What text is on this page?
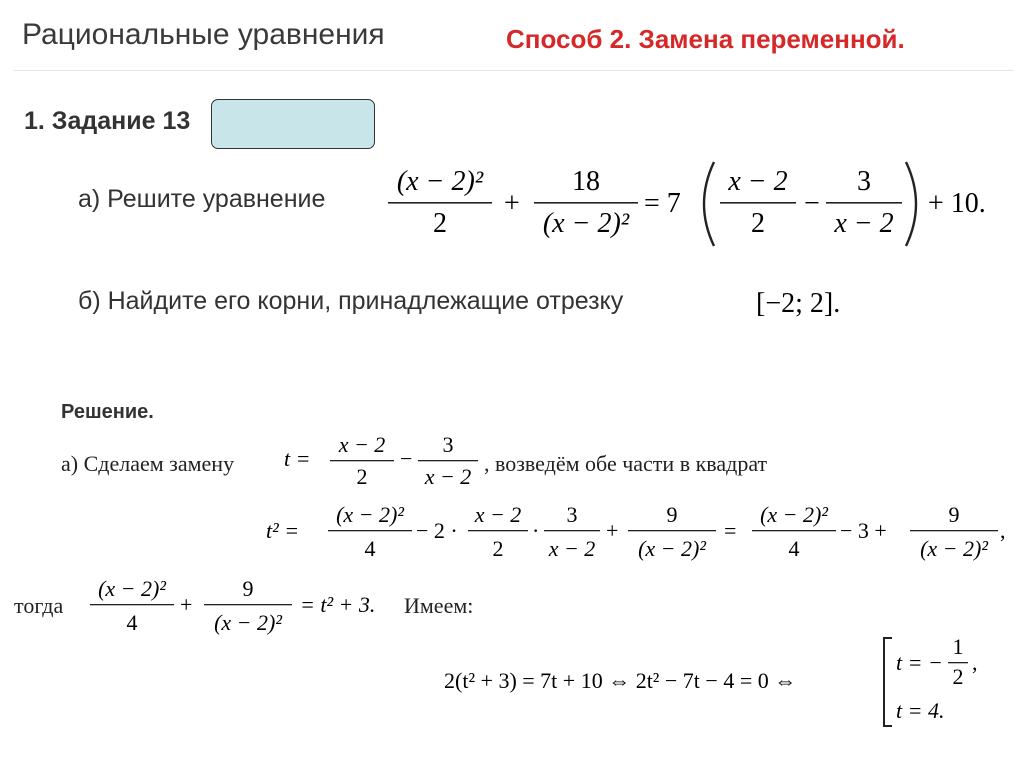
Рациональные уравнения	Способ 2. Замена переменной.
1. Задание 13
а) Решите уравнение
(x − 2)²
2
+
18
(x − 2)²
= 7
x − 2
2
−
3
x − 2
+ 10.
б) Найдите его корни, принадлежащие отрезку	[−2; 2].
Решение.
а) Сделаем замену t =
x − 2
2
−
3
x − 2
, возведём обе части в квадрат
t² =
(x − 2)²
4
− 2 ·
x − 2
2
·
3
x − 2
+
9
(x − 2)²
=
(x − 2)²
4
− 3 +
9
(x − 2)²
,
тогда
(x − 2)²
4
+
9
(x − 2)²
= t² + 3. Имеем:
2(t² + 3) = 7t + 10 ⇔ 2t² − 7t − 4 = 0 ⇔
t = −
1
2
,
t = 4.
